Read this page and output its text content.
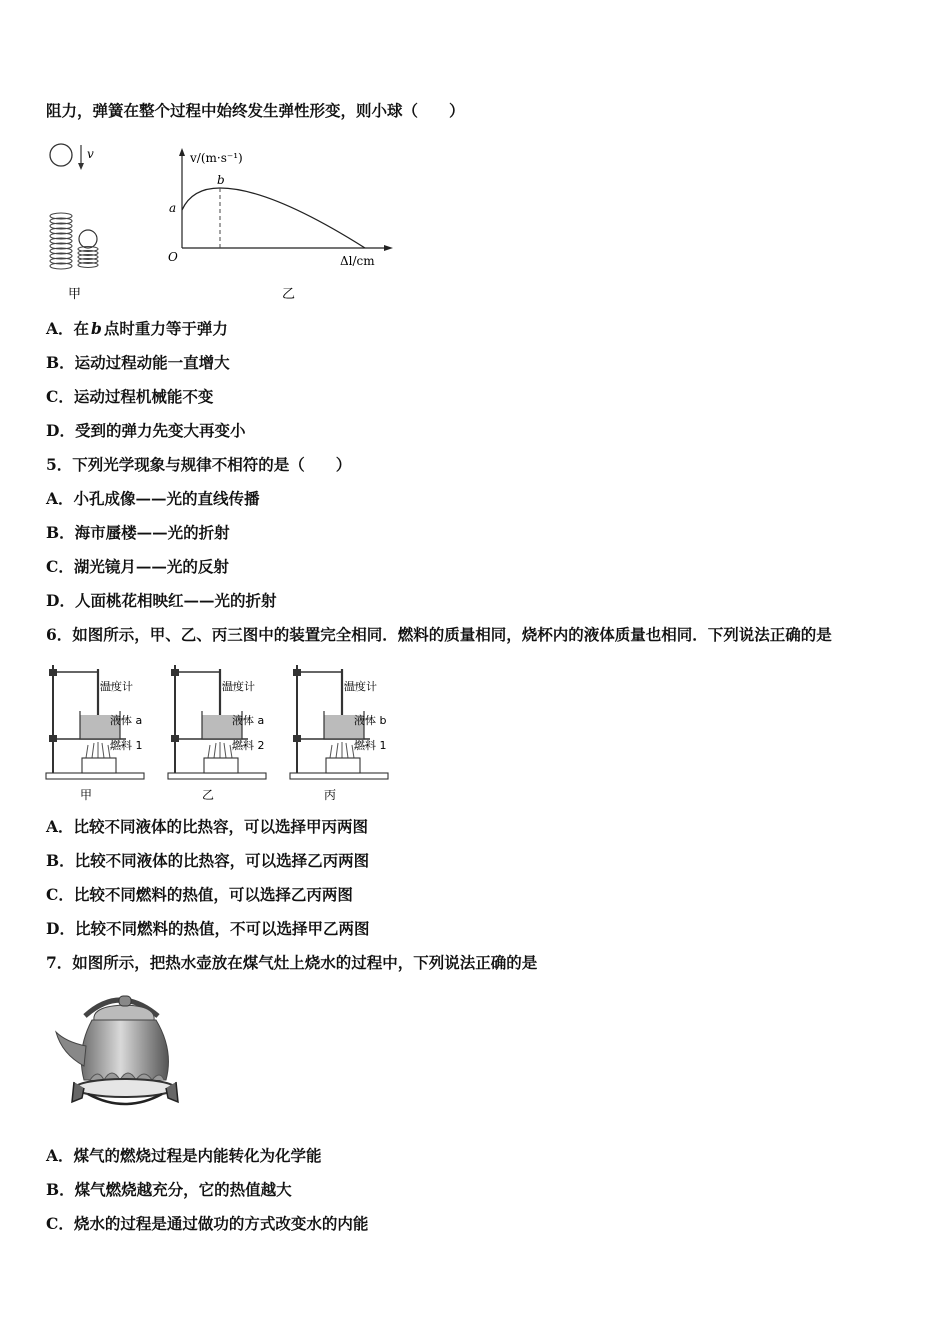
阻力，弹簧在整个过程中始终发生弹性形变，则小球（　　）
v
甲
v/(m·s⁻¹)
Δl/cm
O
a
b
乙
A．在 b 点时重力等于弹力
B．运动过程动能一直增大
C．运动过程机械能不变
D．受到的弹力先变大再变小
5．下列光学现象与规律不相符的是（　　）
A．小孔成像——光的直线传播
B．海市蜃楼——光的折射
C．湖光镜月——光的反射
D．人面桃花相映红——光的折射
6．如图所示，甲、乙、丙三图中的装置完全相同．燃料的质量相同，烧杯内的液体质量也相同．下列说法正确的是
温度计
液体 a
燃料 1
甲
温度计
液体 a
燃料 2
乙
温度计
液体 b
燃料 1
丙
A．比较不同液体的比热容，可以选择甲丙两图
B．比较不同液体的比热容，可以选择乙丙两图
C．比较不同燃料的热值，可以选择乙丙两图
D．比较不同燃料的热值，不可以选择甲乙两图
7．如图所示，把热水壶放在煤气灶上烧水的过程中，下列说法正确的是
A．煤气的燃烧过程是内能转化为化学能
B．煤气燃烧越充分，它的热值越大
C．烧水的过程是通过做功的方式改变水的内能
